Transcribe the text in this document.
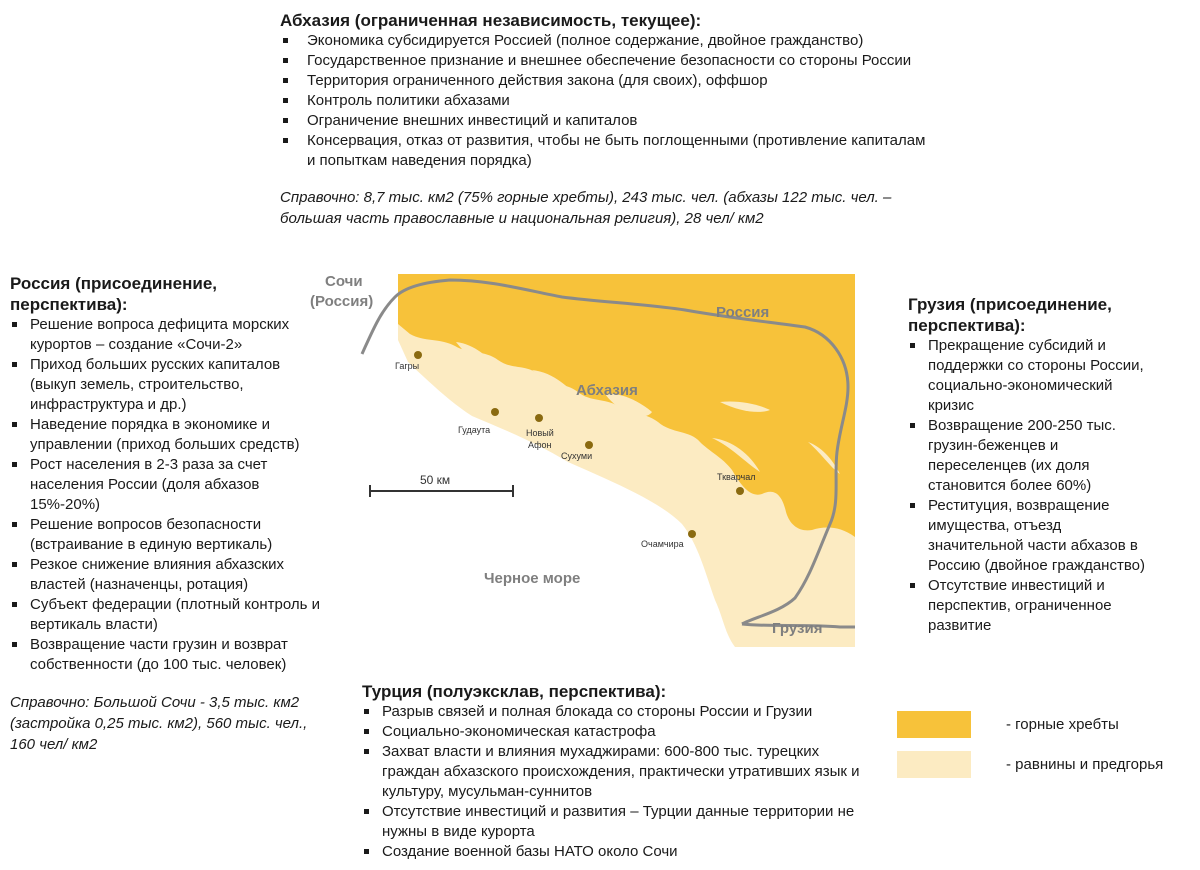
Абхазия (ограниченная независимость, текущее):

Экономика субсидируется Россией (полное содержание, двойное гражданство)
Государственное признание и внешнее обеспечение безопасности со стороны России
Территория ограниченного действия закона (для своих), оффшор
Контроль политики абхазами
Ограничение внешних инвестиций и капиталов
Консервация, отказ от развития, чтобы не быть поглощенными (противление капиталам и попыткам наведения порядка)

Справочно: 8,7 тыс. км2 (75% горные хребты), 243 тыс. чел. (абхазы 122 тыс. чел. – большая часть православные и национальная религия), 28 чел/ км2

Россия (присоединение, перспектива):

Решение вопроса дефицита морских курортов – создание «Сочи-2»
Приход больших русских капиталов (выкуп земель, строительство, инфраструктура и др.)
Наведение порядка в экономике и управлении (приход больших средств)
Рост населения в 2-3 раза за счет населения России (доля абхазов 15%-20%)
Решение вопросов безопасности (встраивание в единую вертикаль)
Резкое снижение влияния абхазских властей (назначенцы, ротация)
Субъект федерации (плотный контроль и вертикаль власти)
Возвращение части грузин и возврат собственности (до 100 тыс. человек)

Справочно: Большой Сочи - 3,5 тыс. км2 (застройка 0,25 тыс. км2), 560 тыс. чел., 160 чел/ км2

Грузия (присоединение, перспектива):

Прекращение субсидий и поддержки со стороны России, социально-экономический кризис
Возвращение 200-250 тыс. грузин-беженцев и переселенцев (их доля становится более 60%)
Реституция, возвращение имущества, отъезд значительной части абхазов в Россию (двойное гражданство)
Отсутствие инвестиций и перспектив, ограниченное развитие

Турция (полуэксклав, перспектива):

Разрыв связей и полная блокада со стороны России и Грузии
Социально-экономическая катастрофа
Захват власти и влияния мухаджирами: 600-800 тыс. турецких граждан абхазского происхождения, практически утративших язык и культуру, мусульман-суннитов
Отсутствие инвестиций и развития – Турции данные территории не нужны в виде курорта
Создание военной базы НАТО около Сочи
Сочи
(Россия)
Россия
Абхазия
Черное море
Грузия
Гагры
Гудаута	Новый
Афон
Сухуми
Ткварчал
Очамчира
50 км
- горные хребты
- равнины и предгорья
